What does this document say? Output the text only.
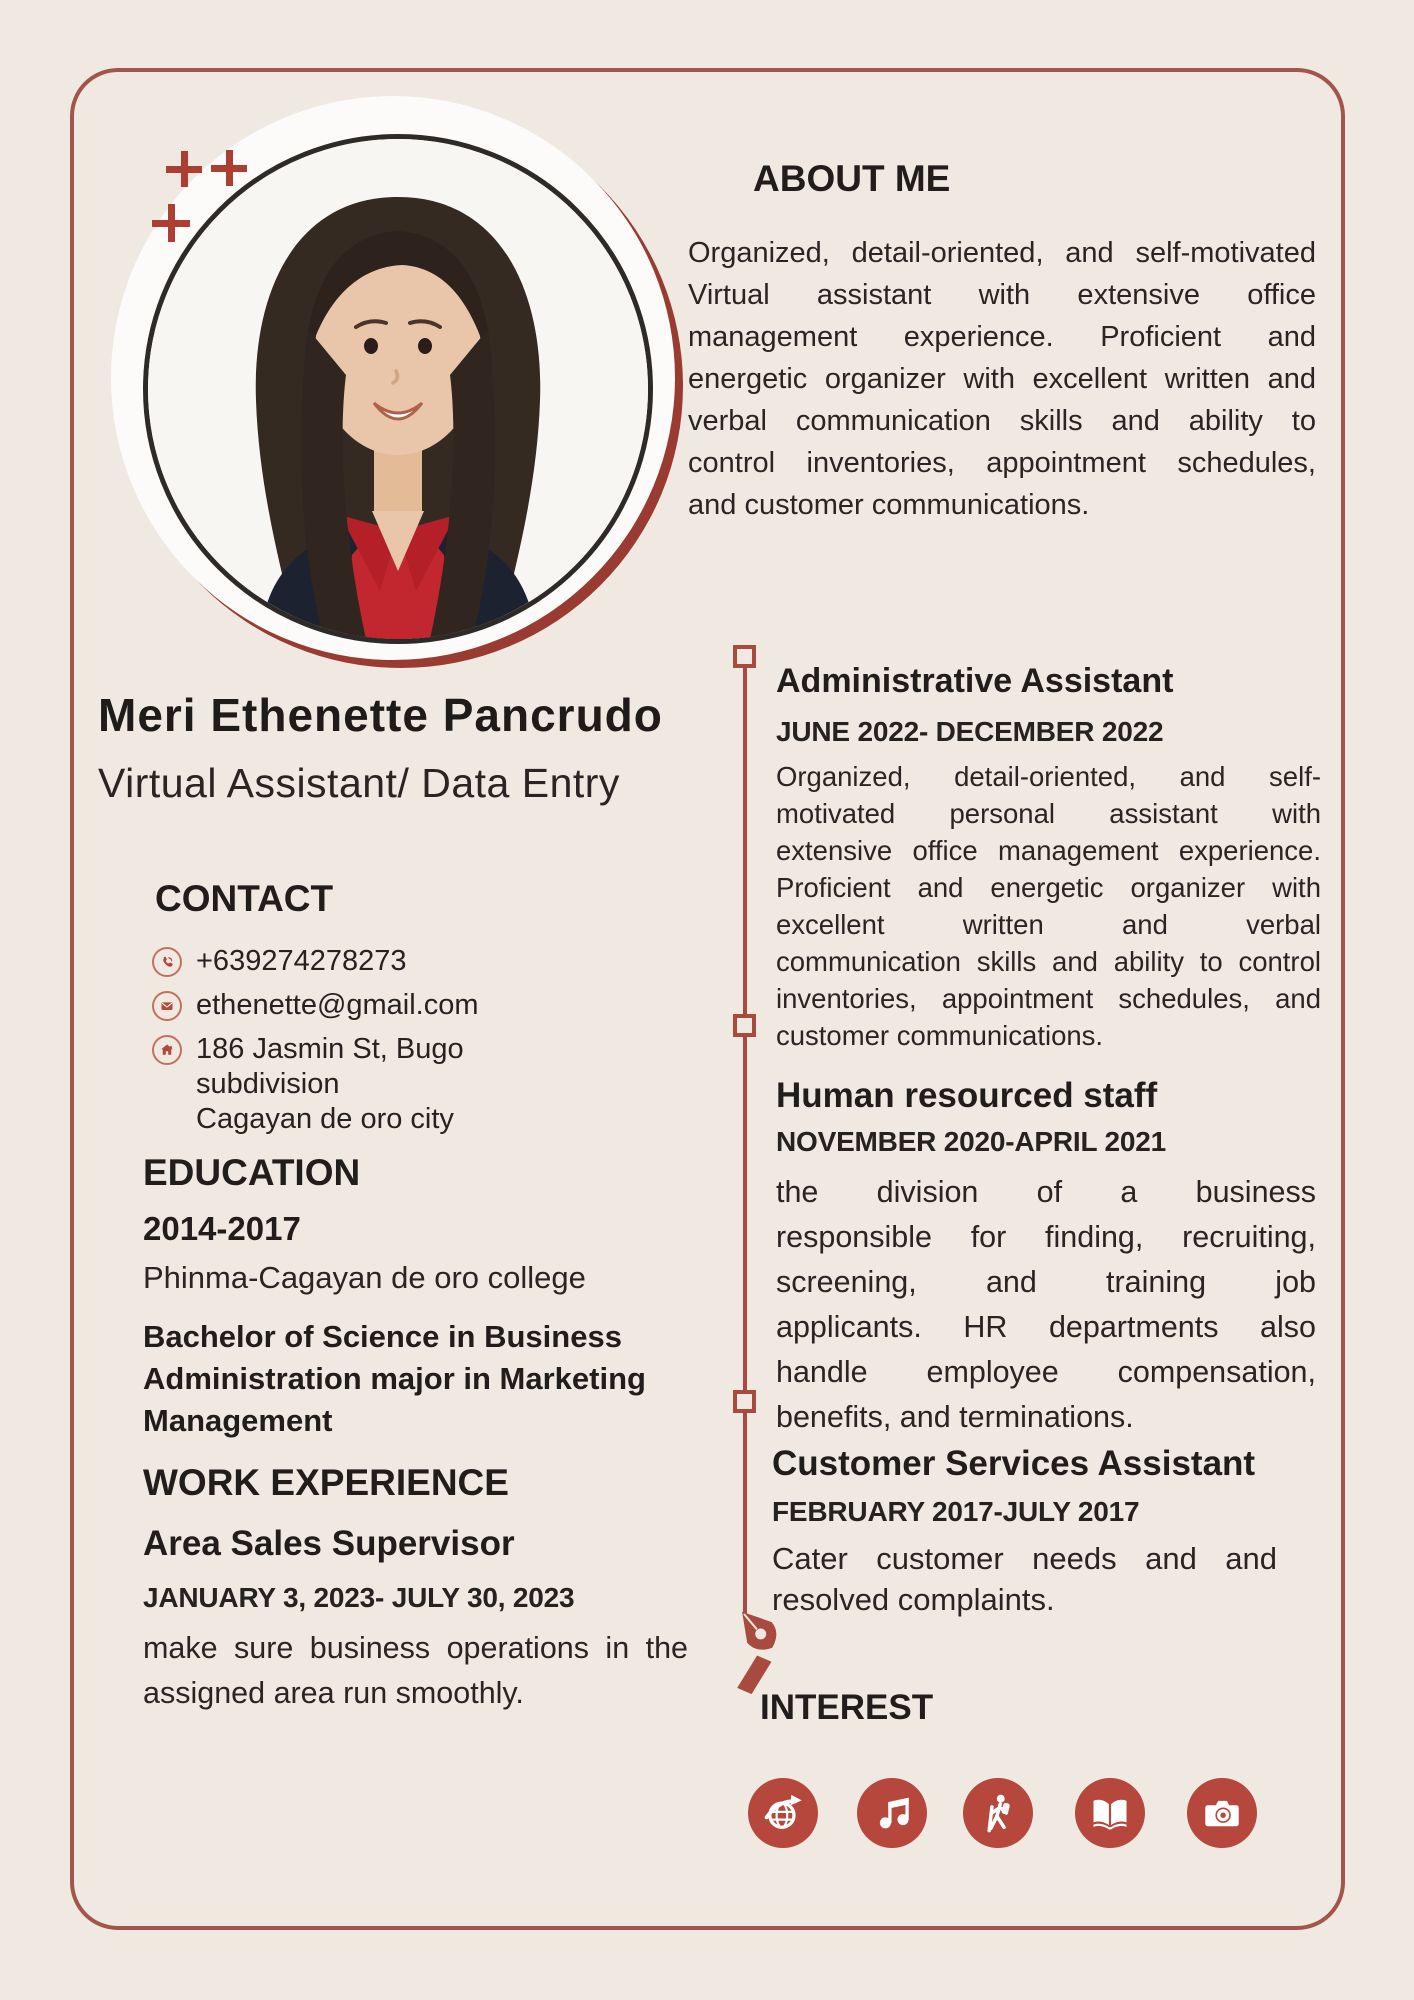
Meri Ethenette Pancrudo
Virtual Assistant/ Data Entry
ABOUT ME
Organized, detail-oriented, and self-motivated
Virtual assistant with extensive office
management experience. Proficient and
energetic organizer with excellent written and
verbal communication skills and ability to
control inventories, appointment schedules,
and customer communications.
CONTACT
+639274278273
ethenette@gmail.com
186 Jasmin St, Bugo subdivision
Cagayan de oro city
EDUCATION
2014-2017
Phinma-Cagayan de oro college
Bachelor of Science in Business
Administration major in Marketing
Management
WORK EXPERIENCE
Area Sales Supervisor
JANUARY 3, 2023- JULY 30, 2023
make sure business operations in the
assigned area run smoothly.
Administrative Assistant
JUNE 2022- DECEMBER 2022
Organized, detail-oriented, and self-
motivated personal assistant with
extensive office management experience.
Proficient and energetic organizer with
excellent written and verbal
communication skills and ability to control
inventories, appointment schedules, and
customer communications.
Human resourced staff
NOVEMBER 2020-APRIL 2021
the division of a business
responsible for finding, recruiting,
screening, and training job
applicants. HR departments also
handle employee compensation,
benefits, and terminations.
Customer Services Assistant
FEBRUARY 2017-JULY 2017
Cater customer needs and and
resolved complaints.
INTEREST
